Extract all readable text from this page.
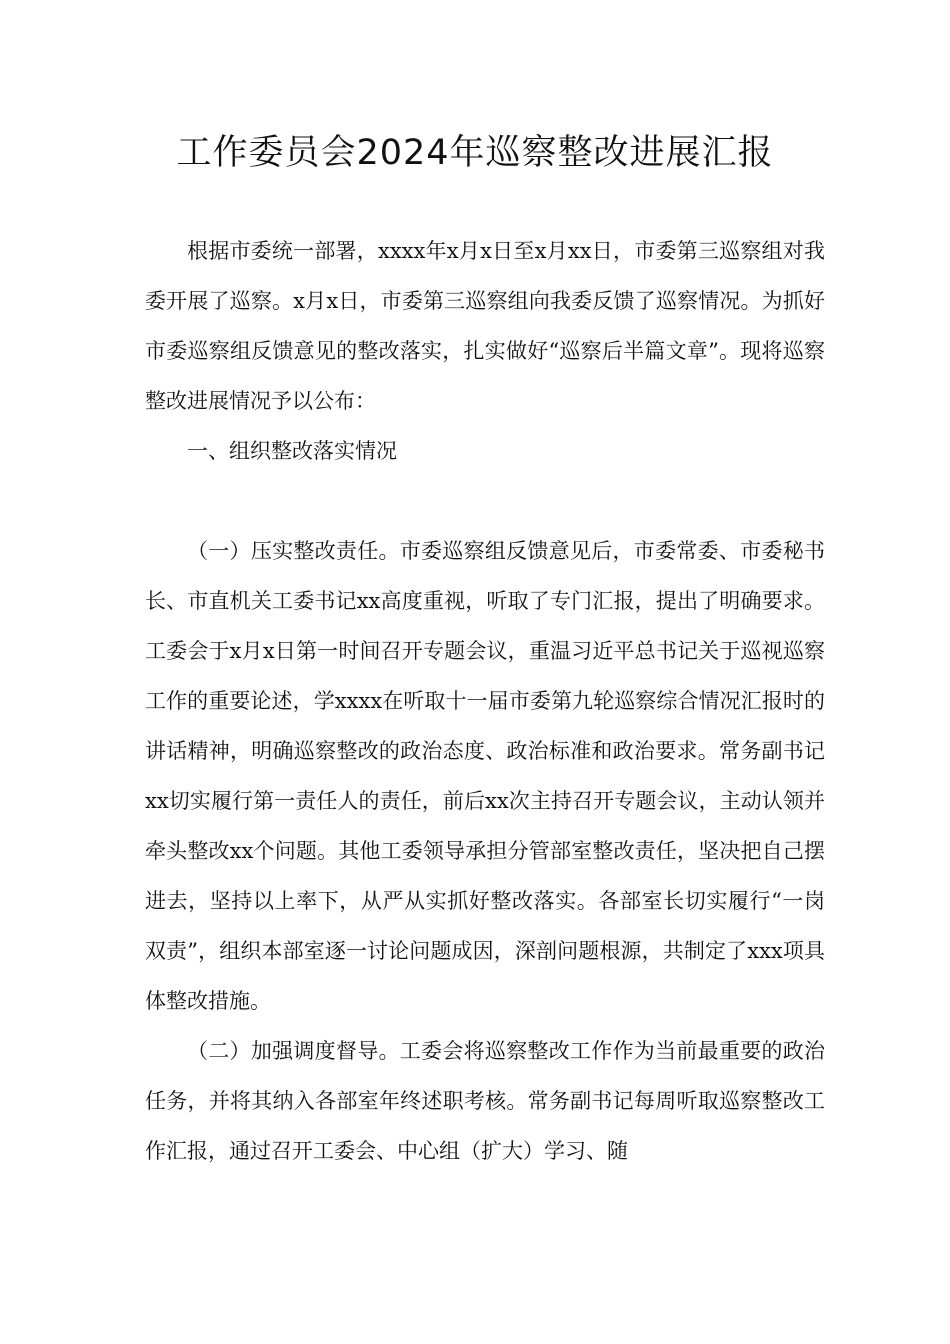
工作委员会2024年巡察整改进展汇报

根据市委统一部署，xxxx年x月x日至x月xx日，市委第三巡察组对我委开展了巡察。x月x日，市委第三巡察组向我委反馈了巡察情况。为抓好市委巡察组反馈意见的整改落实，扎实做好“巡察后半篇文章”。现将巡察整改进展情况予以公布：

一、组织整改落实情况

（一）压实整改责任。市委巡察组反馈意见后，市委常委、市委秘书长、市直机关工委书记xx高度重视，听取了专门汇报，提出了明确要求。工委会于x月x日第一时间召开专题会议，重温习近平总书记关于巡视巡察工作的重要论述，学xxxx在听取十一届市委第九轮巡察综合情况汇报时的讲话精神，明确巡察整改的政治态度、政治标准和政治要求。常务副书记xx切实履行第一责任人的责任，前后xx次主持召开专题会议，主动认领并牵头整改xx个问题。其他工委领导承担分管部室整改责任，坚决把自己摆进去，坚持以上率下，从严从实抓好整改落实。各部室长切实履行“一岗双责”，组织本部室逐一讨论问题成因，深剖问题根源，共制定了xxx项具体整改措施。

（二）加强调度督导。工委会将巡察整改工作作为当前最重要的政治任务，并将其纳入各部室年终述职考核。常务副书记每周听取巡察整改工作汇报，通过召开工委会、中心组（扩大）学习、随
